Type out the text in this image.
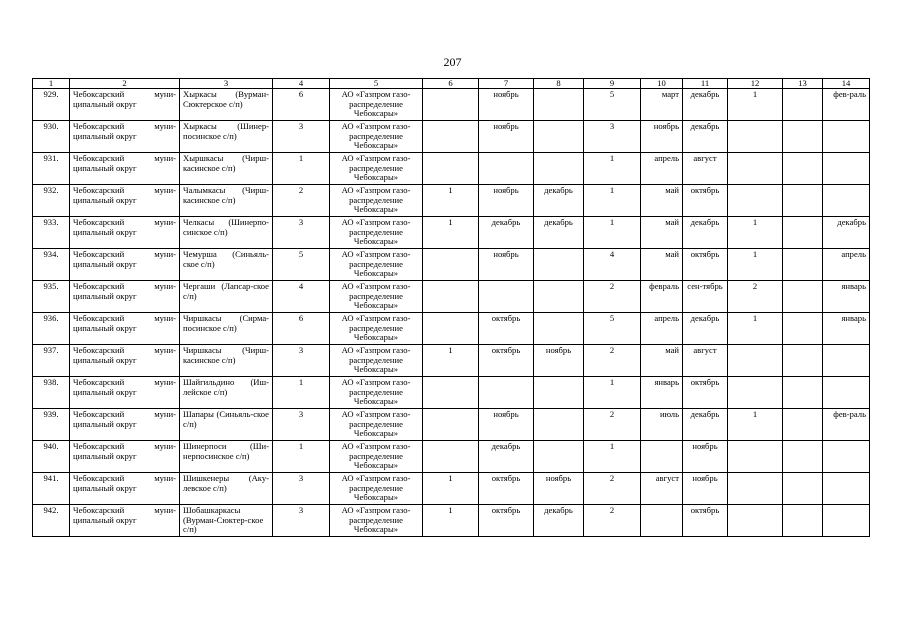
207
1	2	3	4	5	6	7	8	9	10	11	12	13	14
929.	Чебоксарский муни-ципальный округ	Хыркасы (Вурман-Сюктерское с/п)	6	АО «Газпром газо-распределение Чебоксары»		ноябрь		5	март	декабрь	1		фев-раль
930.	Чебоксарский муни-ципальный округ	Хыркасы (Шинер-посинское с/п)	3	АО «Газпром газо-распределение Чебоксары»		ноябрь		3	ноябрь	декабрь			
931.	Чебоксарский муни-ципальный округ	Хыршкасы (Чирш-касинское с/п)	1	АО «Газпром газо-распределение Чебоксары»				1	апрель	август			
932.	Чебоксарский муни-ципальный округ	Чалымкасы (Чирш-касинское с/п)	2	АО «Газпром газо-распределение Чебоксары»	1	ноябрь	декабрь	1	май	октябрь			
933.	Чебоксарский муни-ципальный округ	Челкасы (Шинерпо-синское с/п)	3	АО «Газпром газо-распределение Чебоксары»	1	декабрь	декабрь	1	май	декабрь	1		декабрь
934.	Чебоксарский муни-ципальный округ	Чемурша (Синьяль-ское с/п)	5	АО «Газпром газо-распределение Чебоксары»		ноябрь		4	май	октябрь	1		апрель
935.	Чебоксарский муни-ципальный округ	Чергаши (Лапсар-ское с/п)	4	АО «Газпром газо-распределение Чебоксары»				2	февраль	сен-тябрь	2		январь
936.	Чебоксарский муни-ципальный округ	Чиршкасы (Сирма-посинское с/п)	6	АО «Газпром газо-распределение Чебоксары»		октябрь		5	апрель	декабрь	1		январь
937.	Чебоксарский муни-ципальный округ	Чиршкасы (Чирш-касинское с/п)	3	АО «Газпром газо-распределение Чебоксары»	1	октябрь	ноябрь	2	май	август			
938.	Чебоксарский муни-ципальный округ	Шайгильдино (Иш-лейское с/п)	1	АО «Газпром газо-распределение Чебоксары»				1	январь	октябрь			
939.	Чебоксарский муни-ципальный округ	Шапары (Синьяль-ское с/п)	3	АО «Газпром газо-распределение Чебоксары»		ноябрь		2	июль	декабрь	1		фев-раль
940.	Чебоксарский муни-ципальный округ	Шинерпоси (Ши-нерпосинское с/п)	1	АО «Газпром газо-распределение Чебоксары»		декабрь		1		ноябрь			
941.	Чебоксарский муни-ципальный округ	Шишкенеры (Аку-левское с/п)	3	АО «Газпром газо-распределение Чебоксары»	1	октябрь	ноябрь	2	август	ноябрь			
942.	Чебоксарский муни-ципальный округ	Шобашкаркасы (Вурман-Сюктер-ское с/п)	3	АО «Газпром газо-распределение Чебоксары»	1	октябрь	декабрь	2		октябрь			
